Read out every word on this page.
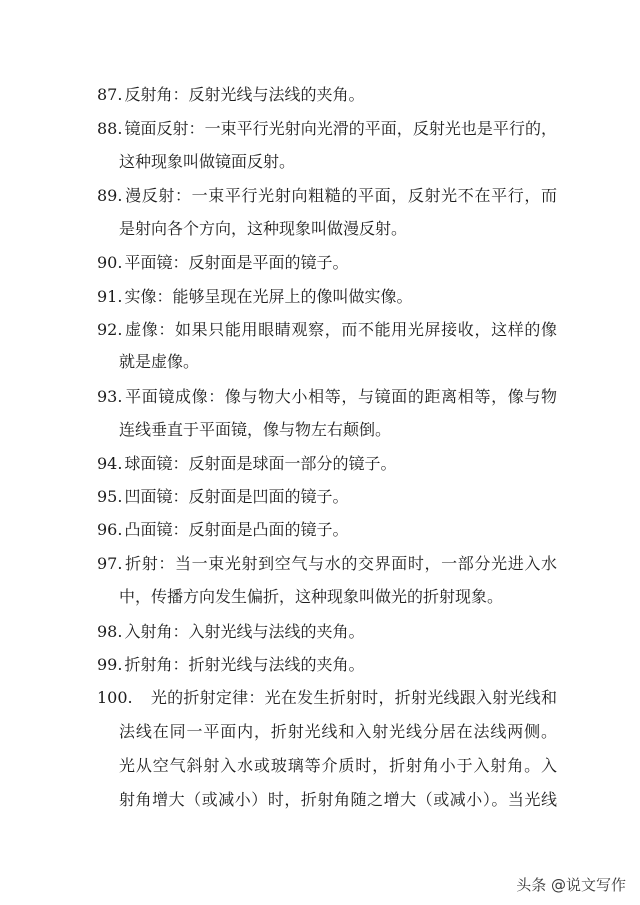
87. 反射角：反射光线与法线的夹角。
88. 镜面反射：一束平行光射向光滑的平面，反射光也是平行的，
这种现象叫做镜面反射。
89. 漫反射：一束平行光射向粗糙的平面，反射光不在平行，而
是射向各个方向，这种现象叫做漫反射。
90. 平面镜：反射面是平面的镜子。
91. 实像：能够呈现在光屏上的像叫做实像。
92. 虚像：如果只能用眼睛观察，而不能用光屏接收，这样的像
就是虚像。
93. 平面镜成像：像与物大小相等，与镜面的距离相等，像与物
连线垂直于平面镜，像与物左右颠倒。
94. 球面镜：反射面是球面一部分的镜子。
95. 凹面镜：反射面是凹面的镜子。
96. 凸面镜：反射面是凸面的镜子。
97. 折射：当一束光射到空气与水的交界面时，一部分光进入水
中，传播方向发生偏折，这种现象叫做光的折射现象。
98. 入射角：入射光线与法线的夹角。
99. 折射角：折射光线与法线的夹角。
100. 光的折射定律：光在发生折射时，折射光线跟入射光线和
法线在同一平面内，折射光线和入射光线分居在法线两侧。
光从空气斜射入水或玻璃等介质时，折射角小于入射角。入
射角增大（或减小）时，折射角随之增大（或减小）。当光线
头条 @说文写作
